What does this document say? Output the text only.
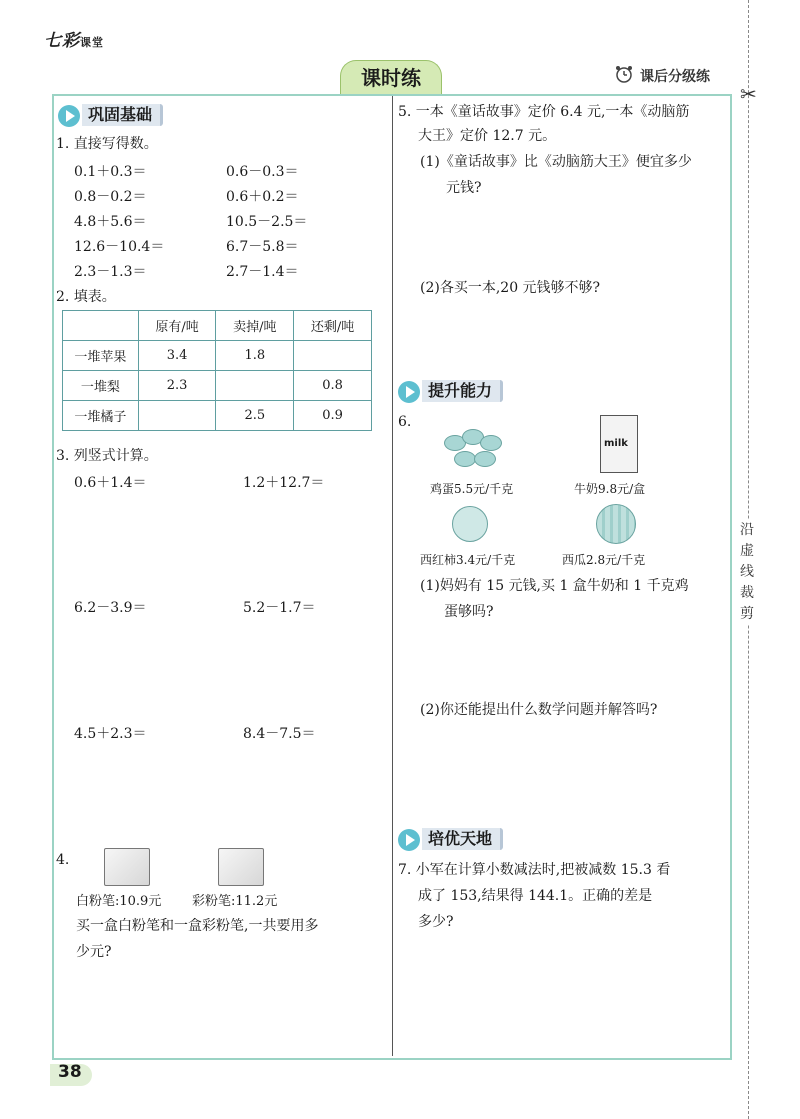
七彩课堂
课时练	课后分级练
✂
沿
虚
线
裁
剪
巩固基础
1. 直接写得数。
0.1＋0.3＝	0.6－0.3＝
0.8－0.2＝	0.6＋0.2＝
4.8＋5.6＝	10.5－2.5＝
12.6－10.4＝	6.7－5.8＝
2.3－1.3＝	2.7－1.4＝
2. 填表。
	原有/吨	卖掉/吨	还剩/吨
一堆苹果	3.4	1.8	
一堆梨	2.3		0.8
一堆橘子		2.5	0.9
3. 列竖式计算。
0.6＋1.4＝	1.2＋12.7＝
6.2－3.9＝	5.2－1.7＝
4.5＋2.3＝	8.4－7.5＝
4.
白粉笔:10.9元 彩粉笔:11.2元
买一盒白粉笔和一盒彩粉笔,一共要用多
少元?
38
5. 一本《童话故事》定价 6.4 元,一本《动脑筋
大王》定价 12.7 元。
(1)《童话故事》比《动脑筋大王》便宜多少
元钱?
(2)各买一本,20 元钱够不够?
提升能力
6.
milk
鸡蛋5.5元/千克	牛奶9.8元/盒
西红柿3.4元/千克	西瓜2.8元/千克
(1)妈妈有 15 元钱,买 1 盒牛奶和 1 千克鸡
蛋够吗?
(2)你还能提出什么数学问题并解答吗?
培优天地
7. 小军在计算小数减法时,把被减数 15.3 看
成了 153,结果得 144.1。正确的差是
多少?
